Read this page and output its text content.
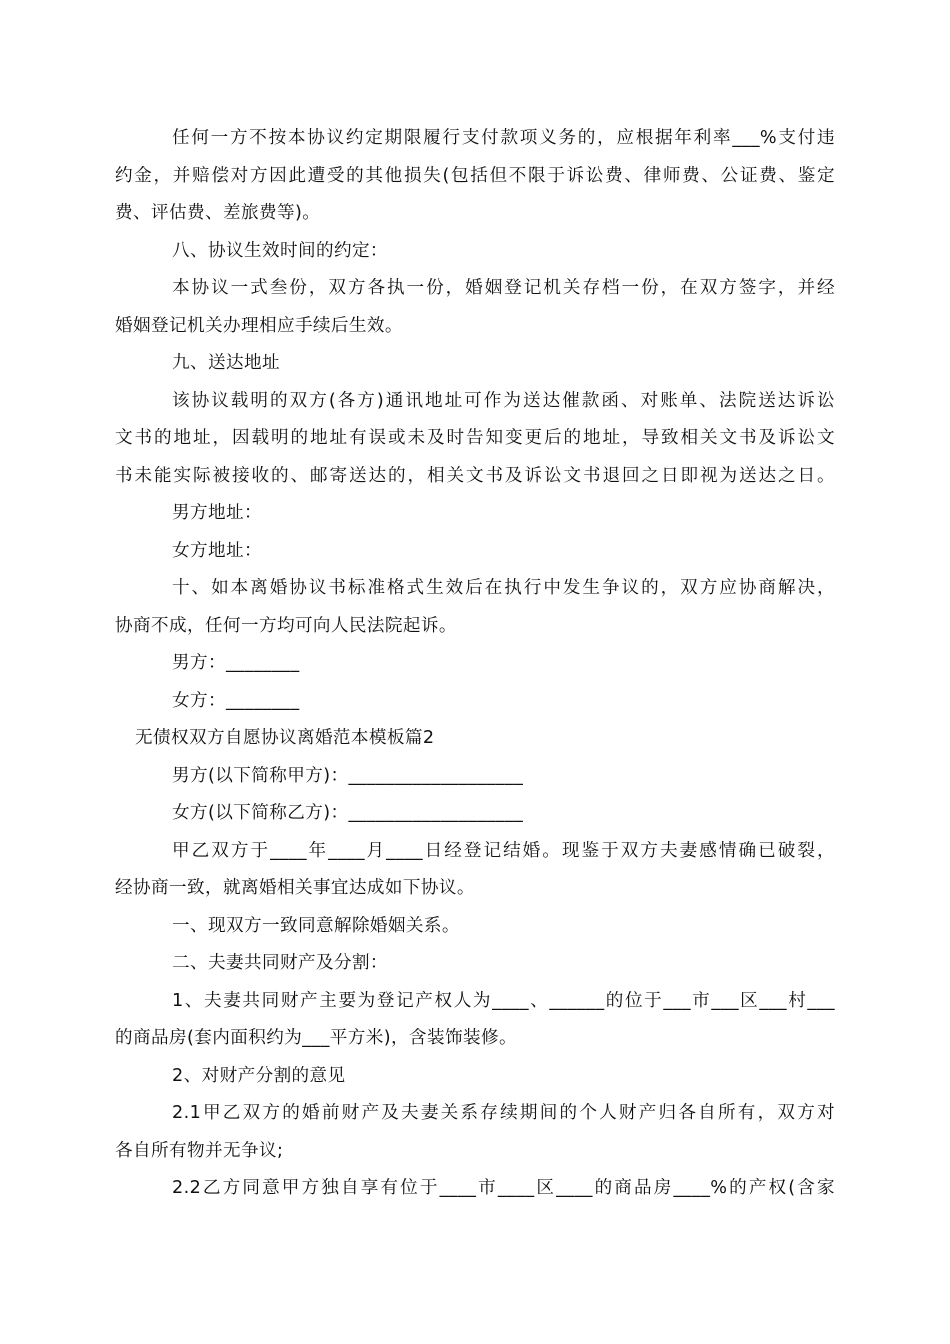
任何一方不按本协议约定期限履行支付款项义务的，应根据年利率___%支付违
约金，并赔偿对方因此遭受的其他损失(包括但不限于诉讼费、律师费、公证费、鉴定
费、评估费、差旅费等)。
八、协议生效时间的约定：
本协议一式叁份，双方各执一份，婚姻登记机关存档一份，在双方签字，并经
婚姻登记机关办理相应手续后生效。
九、送达地址
该协议载明的双方(各方)通讯地址可作为送达催款函、对账单、法院送达诉讼
文书的地址，因载明的地址有误或未及时告知变更后的地址，导致相关文书及诉讼文
书未能实际被接收的、邮寄送达的，相关文书及诉讼文书退回之日即视为送达之日。
男方地址：
女方地址：
十、如本离婚协议书标准格式生效后在执行中发生争议的，双方应协商解决，
协商不成，任何一方均可向人民法院起诉。
男方：________
女方：________
无债权双方自愿协议离婚范本模板篇2
男方(以下简称甲方)：___________________
女方(以下简称乙方)：___________________
甲乙双方于____年____月____日经登记结婚。现鉴于双方夫妻感情确已破裂，
经协商一致，就离婚相关事宜达成如下协议。
一、现双方一致同意解除婚姻关系。
二、夫妻共同财产及分割：
1、夫妻共同财产主要为登记产权人为____、______的位于___市___区___村___
的商品房(套内面积约为___平方米)，含装饰装修。
2、对财产分割的意见
2.1甲乙双方的婚前财产及夫妻关系存续期间的个人财产归各自所有，双方对
各自所有物并无争议;
2.2乙方同意甲方独自享有位于____市____区____的商品房____%的产权(含家
